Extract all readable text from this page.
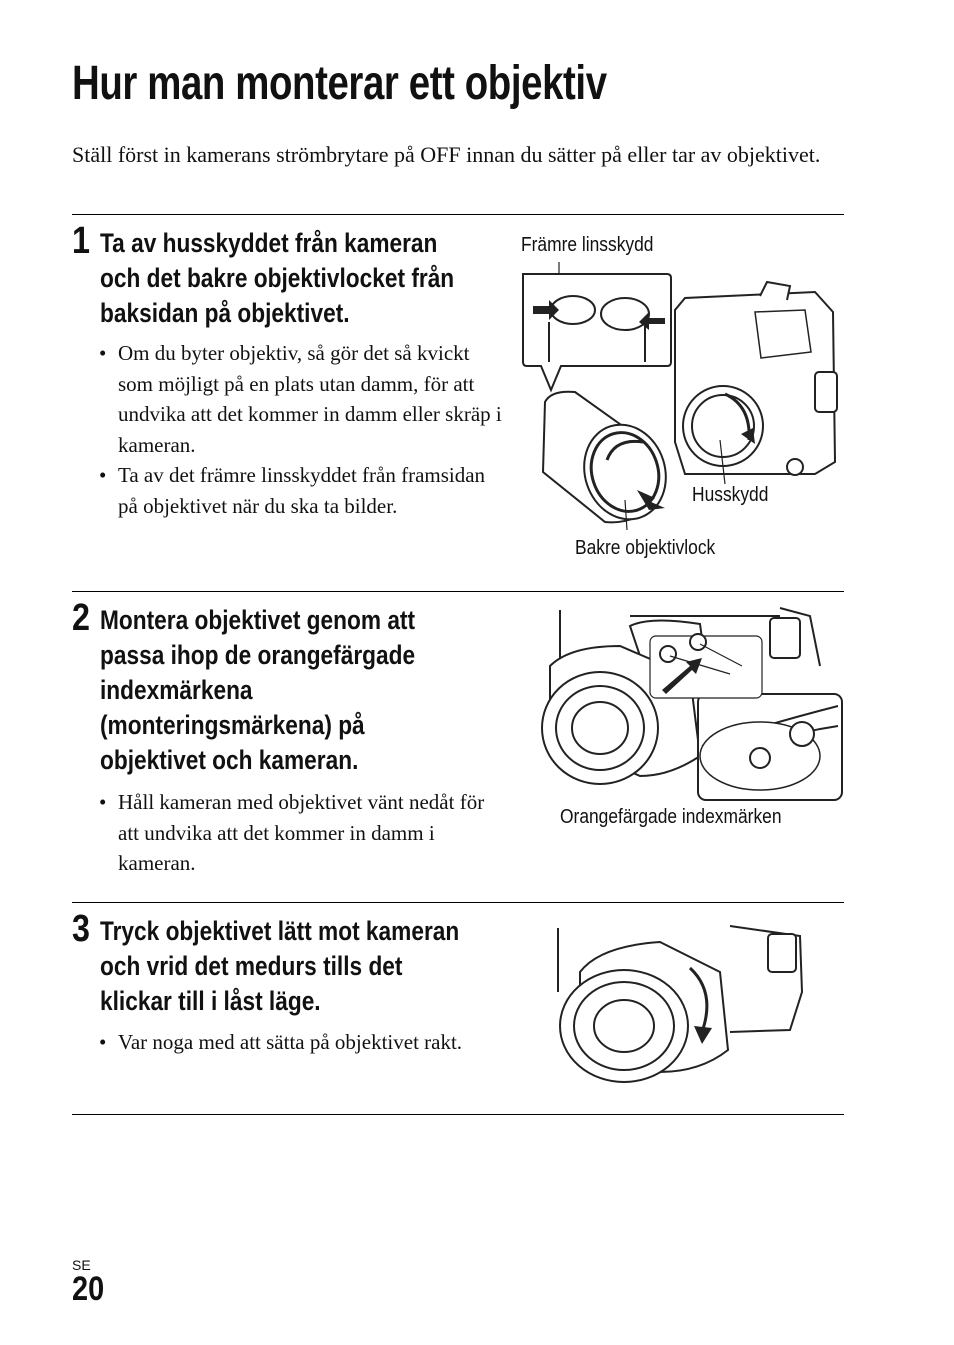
Hur man monterar ett objektiv

Ställ först in kamerans strömbrytare på OFF innan du sätter på eller tar av objektivet.

1 Ta av husskyddet från kameran
och det bakre objektivlocket från
baksidan på objektivet.
• Om du byter objektiv, så gör det så kvickt som möjligt på en plats utan damm, för att undvika att det kommer in damm eller skräp i kameran.
• Ta av det främre linsskyddet från framsidan på objektivet när du ska ta bilder.
Främre linsskydd
Husskydd
Bakre objektivlock
2 Montera objektivet genom att
passa ihop de orangefärgade
indexmärkena
(monteringsmärkena) på
objektivet och kameran.
• Håll kameran med objektivet vänt nedåt för att undvika att det kommer in damm i kameran.
Orangefärgade indexmärken
3 Tryck objektivet lätt mot kameran
och vrid det medurs tills det
klickar till i låst läge.
• Var noga med att sätta på objektivet rakt.
SE
20
